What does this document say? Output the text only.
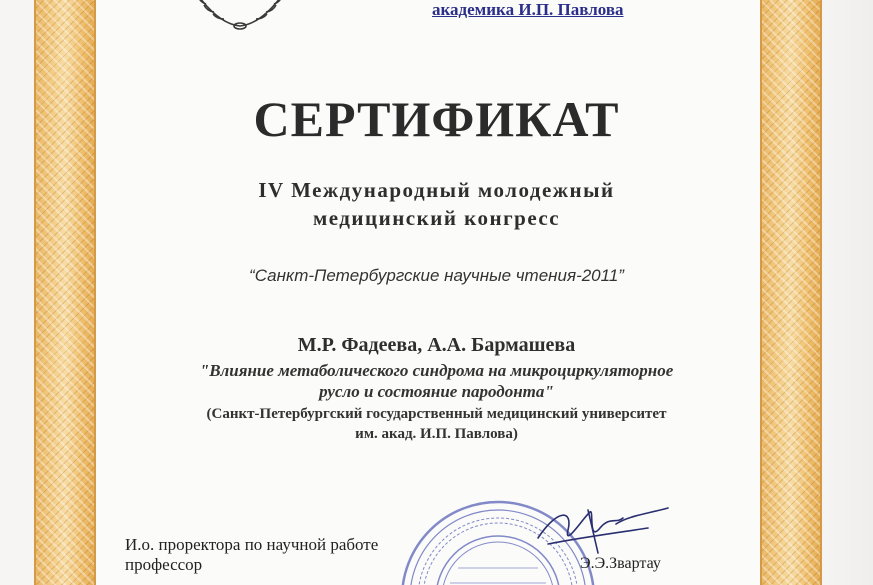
академика И.П. Павлова
СЕРТИФИКАТ
IV Международный молодежный
медицинский конгресс
“Санкт-Петербургские научные чтения-2011”
М.Р. Фадеева, А.А. Бармашева
"Влияние метаболического синдрома на микроциркуляторное
русло и состояние пародонта"
(Санкт-Петербургский государственный медицинский университет
им. акад. И.П. Павлова)
И.о. проректора по научной работе
профессор	Э.Э.Звартау
